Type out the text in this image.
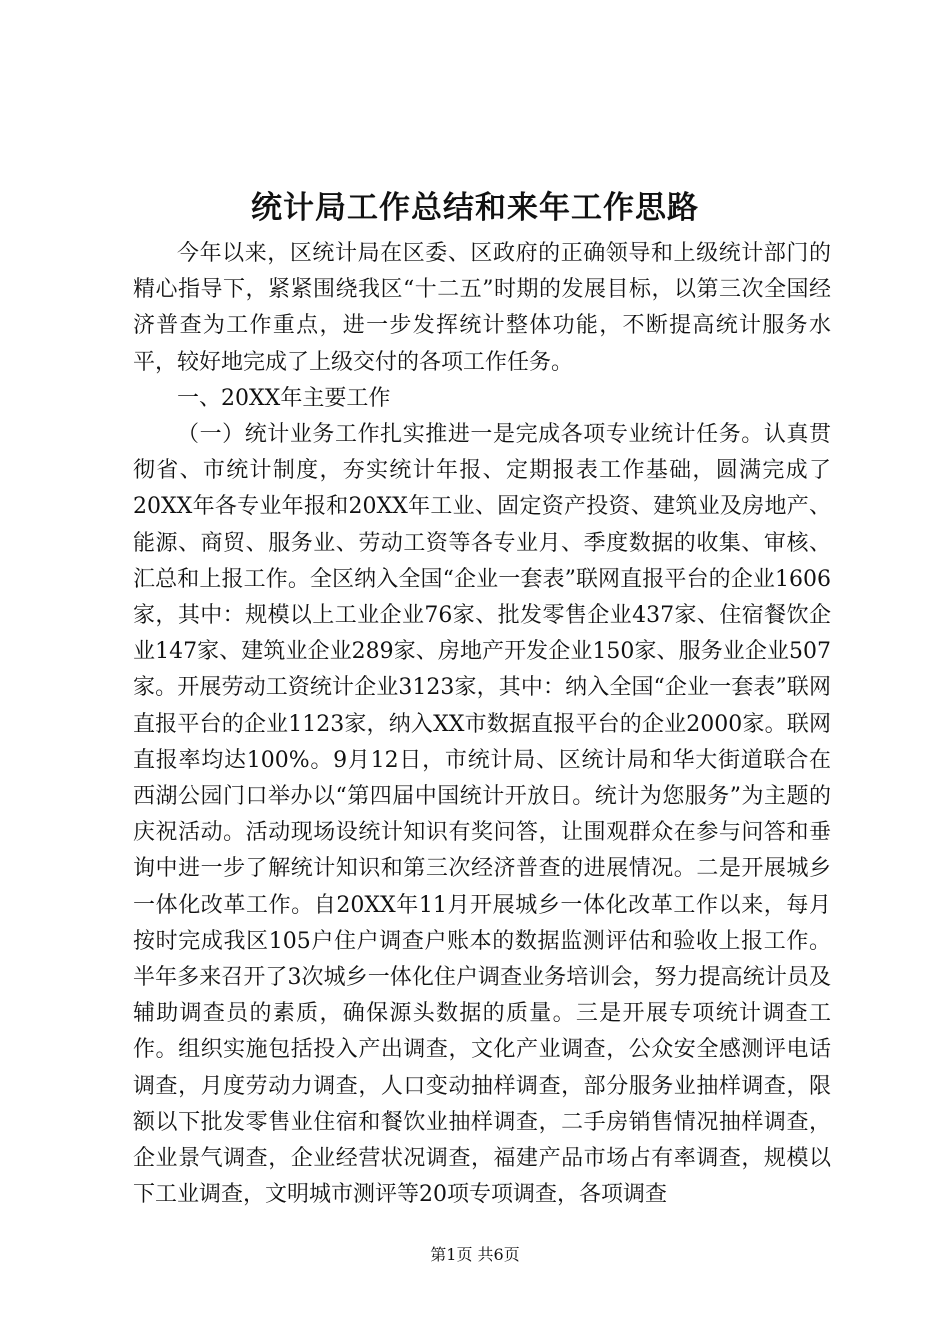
统计局工作总结和来年工作思路

今年以来，区统计局在区委、区政府的正确领导和上级统计部门的精心指导下，紧紧围绕我区“十二五”时期的发展目标，以第三次全国经济普查为工作重点，进一步发挥统计整体功能，不断提高统计服务水平，较好地完成了上级交付的各项工作任务。

一、20XX年主要工作

（一）统计业务工作扎实推进一是完成各项专业统计任务。认真贯彻省、市统计制度，夯实统计年报、定期报表工作基础，圆满完成了20XX年各专业年报和20XX年工业、固定资产投资、建筑业及房地产、能源、商贸、服务业、劳动工资等各专业月、季度数据的收集、审核、汇总和上报工作。全区纳入全国“企业一套表”联网直报平台的企业1606家，其中：规模以上工业企业76家、批发零售企业437家、住宿餐饮企业147家、建筑业企业289家、房地产开发企业150家、服务业企业507家。开展劳动工资统计企业3123家，其中：纳入全国“企业一套表”联网直报平台的企业1123家，纳入XX市数据直报平台的企业2000家。联网直报率均达100%。9月12日，市统计局、区统计局和华大街道联合在西湖公园门口举办以“第四届中国统计开放日。统计为您服务”为主题的庆祝活动。活动现场设统计知识有奖问答，让围观群众在参与问答和垂询中进一步了解统计知识和第三次经济普查的进展情况。二是开展城乡一体化改革工作。自20XX年11月开展城乡一体化改革工作以来，每月按时完成我区105户住户调查户账本的数据监测评估和验收上报工作。半年多来召开了3次城乡一体化住户调查业务培训会，努力提高统计员及辅助调查员的素质，确保源头数据的质量。三是开展专项统计调查工作。组织实施包括投入产出调查，文化产业调查，公众安全感测评电话调查，月度劳动力调查，人口变动抽样调查，部分服务业抽样调查，限额以下批发零售业住宿和餐饮业抽样调查，二手房销售情况抽样调查，企业景气调查，企业经营状况调查，福建产品市场占有率调查，规模以下工业调查，文明城市测评等20项专项调查，各项调查

第1页 共6页
